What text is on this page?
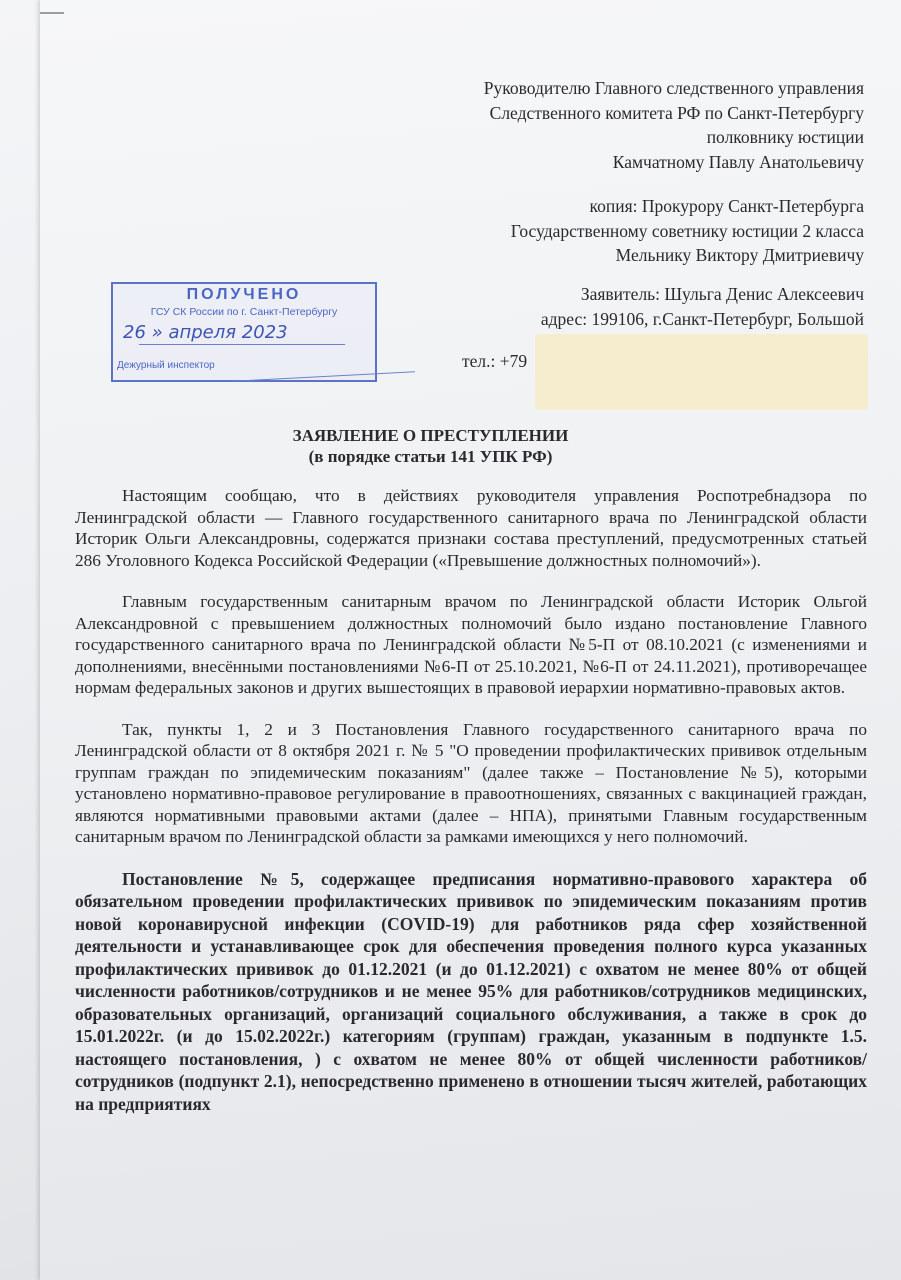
Руководителю Главного следственного управления
Следственного комитета РФ по Санкт-Петербургу
полковнику юстиции
Камчатному Павлу Анатольевичу
копия: Прокурору Санкт-Петербурга
Государственному советнику юстиции 2 класса
Мельнику Виктору Дмитриевичу
ПОЛУЧЕНО
ГСУ СК России по г. Санкт-Петербургу
26 » апреля 2023
Дежурный инспектор
Заявитель: Шульга Денис Алексеевич
адрес: 199106, г.Санкт-Петербург, Большой
тел.: +79
ЗАЯВЛЕНИЕ О ПРЕСТУПЛЕНИИ
(в порядке статьи 141 УПК РФ)

Настоящим сообщаю, что в действиях руководителя управления Роспотребнадзора по Ленинградской области — Главного государственного санитарного врача по Ленинградской области Историк Ольги Александровны, содержатся признаки состава преступлений, предусмотренных статьей 286 Уголовного Кодекса Российской Федерации («Превышение должностных полномочий»).

Главным государственным санитарным врачом по Ленинградской области Историк Ольгой Александровной с превышением должностных полномочий было издано постановление Главного государственного санитарного врача по Ленинградской области №5-П от 08.10.2021 (с изменениями и дополнениями, внесёнными постановлениями №6-П от 25.10.2021, №6-П от 24.11.2021), противоречащее нормам федеральных законов и других вышестоящих в правовой иерархии нормативно-правовых актов.

Так, пункты 1, 2 и 3 Постановления Главного государственного санитарного врача по Ленинградской области от 8 октября 2021 г. № 5 "О проведении профилактических прививок отдельным группам граждан по эпидемическим показаниям" (далее также – Постановление №5), которыми установлено нормативно-правовое регулирование в правоотношениях, связанных с вакцинацией граждан, являются нормативными правовыми актами (далее – НПА), принятыми Главным государственным санитарным врачом по Ленинградской области за рамками имеющихся у него полномочий.

Постановление №5, содержащее предписания нормативно-правового характера об обязательном проведении профилактических прививок по эпидемическим показаниям против новой коронавирусной инфекции (COVID-19) для работников ряда сфер хозяйственной деятельности и устанавливающее срок для обеспечения проведения полного курса указанных профилактических прививок до 01.12.2021 (и до 01.12.2021) с охватом не менее 80% от общей численности работников/сотрудников и не менее 95% для работников/сотрудников медицинских, образовательных организаций, организаций социального обслуживания, а также в срок до 15.01.2022г. (и до 15.02.2022г.) категориям (группам) граждан, указанным в подпункте 1.5. настоящего постановления, ) с охватом не менее 80% от общей численности работников/сотрудников (подпункт 2.1), непосредственно применено в отношении тысяч жителей, работающих на предприятиях
